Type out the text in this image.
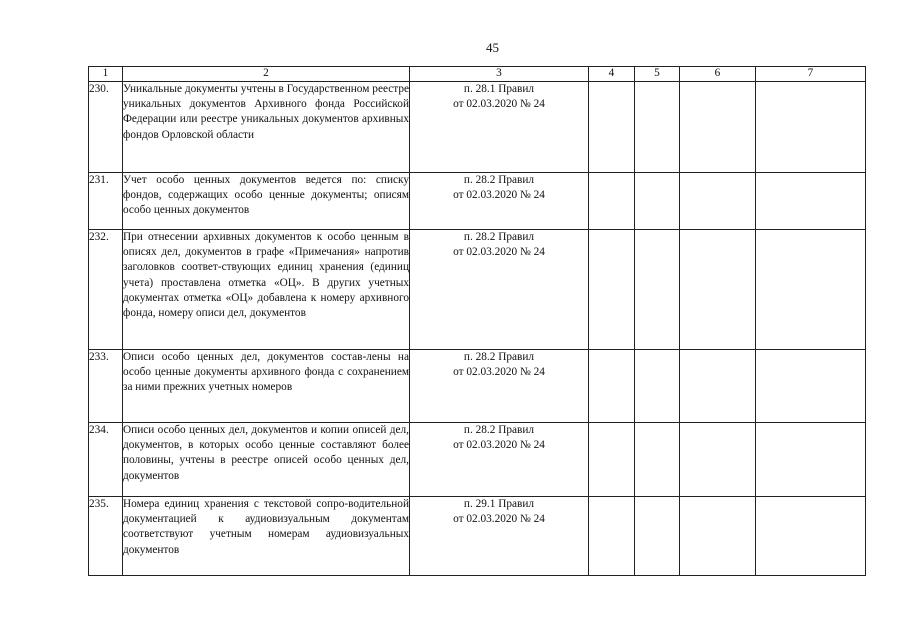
45
1	2	3	4	5	6	7
230.	Уникальные документы учтены в Государственном реестре уникальных документов Архивного фонда Российской Федерации или реестре уникальных документов архивных фондов Орловской области	п. 28.1 Правил
от 02.03.2020 № 24				

231.	Учет особо ценных документов ведется по: списку фондов, содержащих особо ценные документы; описям особо ценных документов	п. 28.2 Правил
от 02.03.2020 № 24				

232.	При отнесении архивных документов к особо ценным в описях дел, документов в графе «Примечания» напротив заголовков соответ-ствующих единиц хранения (единиц учета) проставлена отметка «ОЦ». В других учетных документах отметка «ОЦ» добавлена к номеру архивного фонда, номеру описи дел, документов	п. 28.2 Правил
от 02.03.2020 № 24				

233.	Описи особо ценных дел, документов состав-лены на особо ценные документы архивного фонда с сохранением за ними прежних учетных номеров	п. 28.2 Правил
от 02.03.2020 № 24				

234.	Описи особо ценных дел, документов и копии описей дел, документов, в которых особо ценные составляют более половины, учтены в реестре описей особо ценных дел, документов	п. 28.2 Правил
от 02.03.2020 № 24				

235.	Номера единиц хранения с текстовой сопро-водительной документацией к аудиовизуальным документам соответствуют учетным номерам аудиовизуальных документов	п. 29.1 Правил
от 02.03.2020 № 24				
